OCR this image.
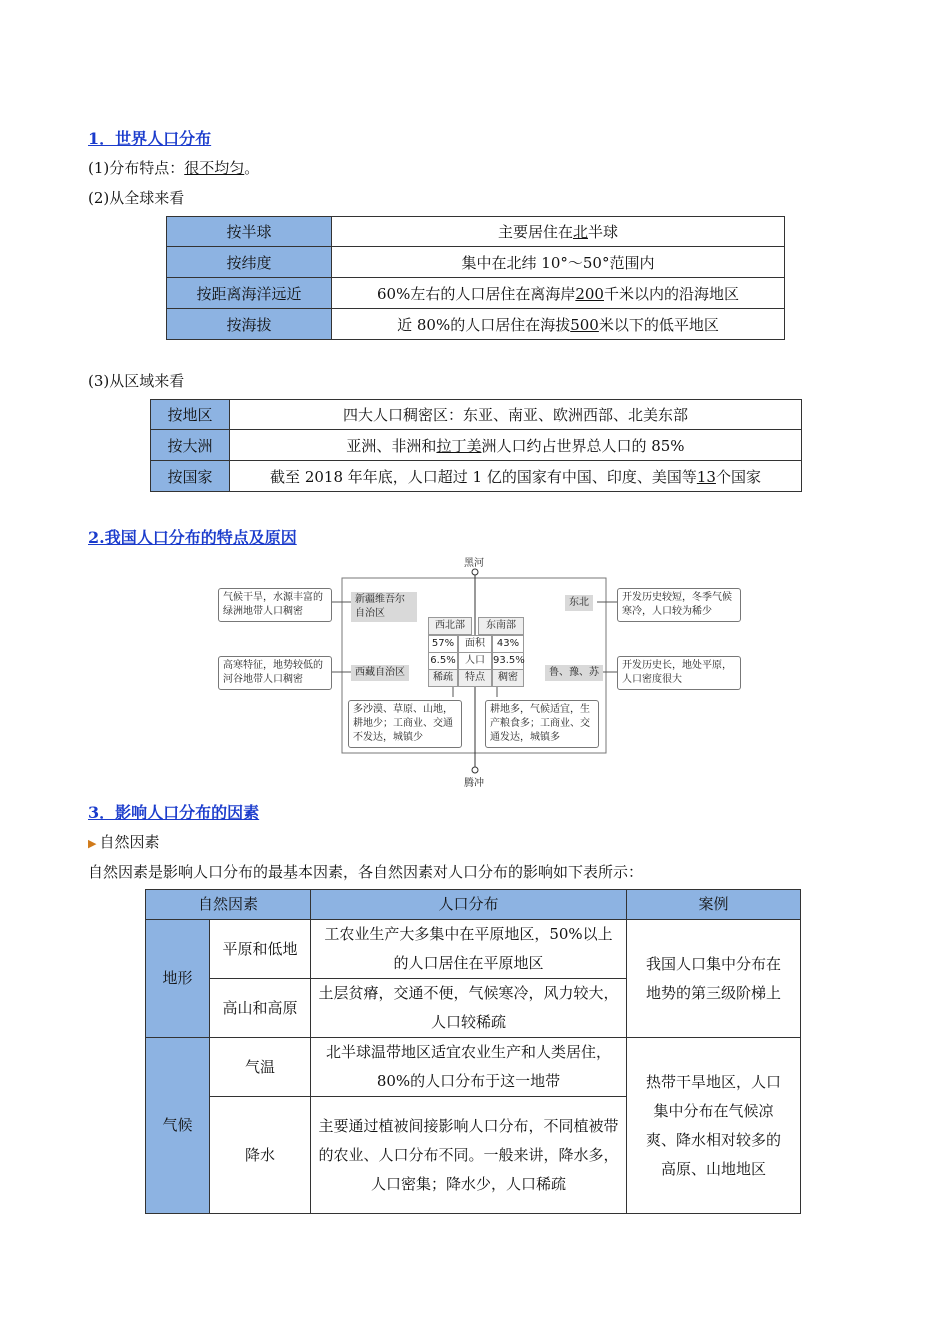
1．世界人口分布
(1)分布特点：很不均匀。
(2)从全球来看
按半球	主要居住在北半球
按纬度	集中在北纬 10°～50°范围内
按距离海洋远近	60%左右的人口居住在离海岸200千米以内的沿海地区
按海拔	近 80%的人口居住在海拔500米以下的低平地区
(3)从区域来看
按地区	四大人口稠密区：东亚、南亚、欧洲西部、北美东部
按大洲	亚洲、非洲和拉丁美洲人口约占世界总人口的 85%
按国家	截至 2018 年年底，人口超过 1 亿的国家有中国、印度、美国等13个国家
2.我国人口分布的特点及原因
黑河
腾冲
气候干旱，水源丰富的绿洲地带人口稠密
高寒特征，地势较低的河谷地带人口稠密
开发历史较短，冬季气候寒冷，人口较为稀少
开发历史长，地处平原，人口密度很大
新疆维吾尔自治区
西藏自治区
东北
鲁、豫、苏
西北部	东南部
57%	面积	43%
6.5% 人口 93.5%
稀疏	特点	稠密
多沙漠、草原、山地，耕地少；工商业、交通不发达，城镇少
耕地多，气候适宜，生产粮食多；工商业、交通发达，城镇多
3．影响人口分布的因素
▶ 自然因素
自然因素是影响人口分布的最基本因素，各自然因素对人口分布的影响如下表所示：
自然因素		人口分布	案例
地形	平原和低地	工农业生产大多集中在平原地区，50%以上的人口居住在平原地区	我国人口集中分布在地势的第三级阶梯上
	高山和高原	土层贫瘠，交通不便，气候寒冷，风力较大，人口较稀疏	
气候	气温	北半球温带地区适宜农业生产和人类居住，80%的人口分布于这一地带	热带干旱地区，人口集中分布在气候凉爽、降水相对较多的高原、山地地区
	降水	主要通过植被间接影响人口分布，不同植被带的农业、人口分布不同。一般来讲，降水多，人口密集；降水少，人口稀疏	
